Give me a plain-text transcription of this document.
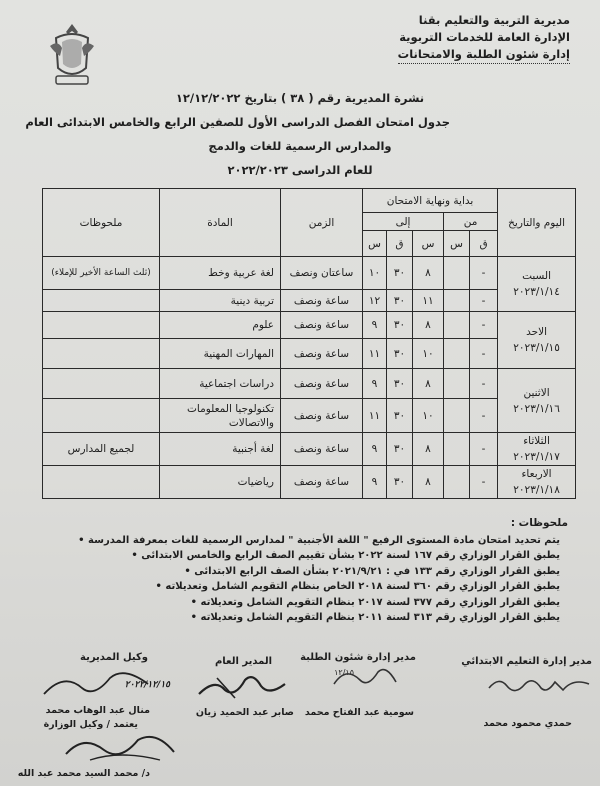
مديرية التربية والتعليم بقنا
الإدارة العامة للخدمات التربوية
إدارة شئون الطلبة والامتحانات
نشرة المديرية رقم ( ٣٨ ) بتاريخ ١٢/١٢/٢٠٢٢
جدول امتحان الفصل الدراسى الأول للصفين الرابع والخامس الابتدائى العام
والمدارس الرسمية للغات والدمج
للعام الدراسى ٢٠٢٢/٢٠٢٣
ملحوظات	المادة	الزمن	بداية ونهاية الامتحان					اليوم والتاريخ
			إلى			من		
			س	ق	س	س	ق	
(ثلث الساعة الأخير للإملاء)	لغة عربية وخط	ساعتان ونصف	١٠	٣٠	٨		-	السبت
٢٠٢٣/١/١٤

	تربية دينية	ساعة ونصف	١٢	٣٠	١١		-	
	علوم	ساعة ونصف	٩	٣٠	٨		-	الاحد
٢٠٢٣/١/١٥

	المهارات المهنية	ساعة ونصف	١١	٣٠	١٠		-	
	دراسات اجتماعية	ساعة ونصف	٩	٣٠	٨		-	الاثنين
٢٠٢٣/١/١٦

	تكنولوجيا المعلومات والاتصالات	ساعة ونصف	١١	٣٠	١٠		-	
لجميع المدارس	لغة أجنبية	ساعة ونصف	٩	٣٠	٨		-	الثلاثاء
٢٠٢٣/١/١٧

	رياضيات	ساعة ونصف	٩	٣٠	٨		-	الاربعاء
٢٠٢٣/١/١٨
ملحوظات :
يتم تحديد امتحان مادة المستوى الرفيع " اللغة الأجنبية " لمدارس الرسمية للغات بمعرفة المدرسة •
يطبق القرار الوزاري رقم ١٦٧ لسنة ٢٠٢٢ بشأن تقييم الصف الرابع والخامس الابتدائى •
يطبق القرار الوزاري رقم ١٣٣ في : ٢٠٢١/٩/٢١ بشأن الصف الرابع الابتدائى •
يطبق القرار الوزاري رقم ٣٦٠ لسنة ٢٠١٨ الخاص بنظام التقويم الشامل وتعديلاته •
يطبق القرار الوزاري رقم ٣٧٧ لسنة ٢٠١٧ بنظام التقويم الشامل وتعديلاته •
يطبق القرار الوزاري رقم ٣١٣ لسنة ٢٠١١ بنظام التقويم الشامل وتعديلاته •
مدير إدارة التعليم الابتدائي
حمدي محمود محمد
مدير إدارة شئون الطلبة
١٢/١٥
سومية عبد الفتاح محمد
المدير العام
صابر عبد الحميد زيان
وكيل المديرية
٢٠٢٢/١٢/١٥
منال عبد الوهاب محمد
يعتمد / وكيل الوزارة
د/ محمد السيد محمد عبد الله
